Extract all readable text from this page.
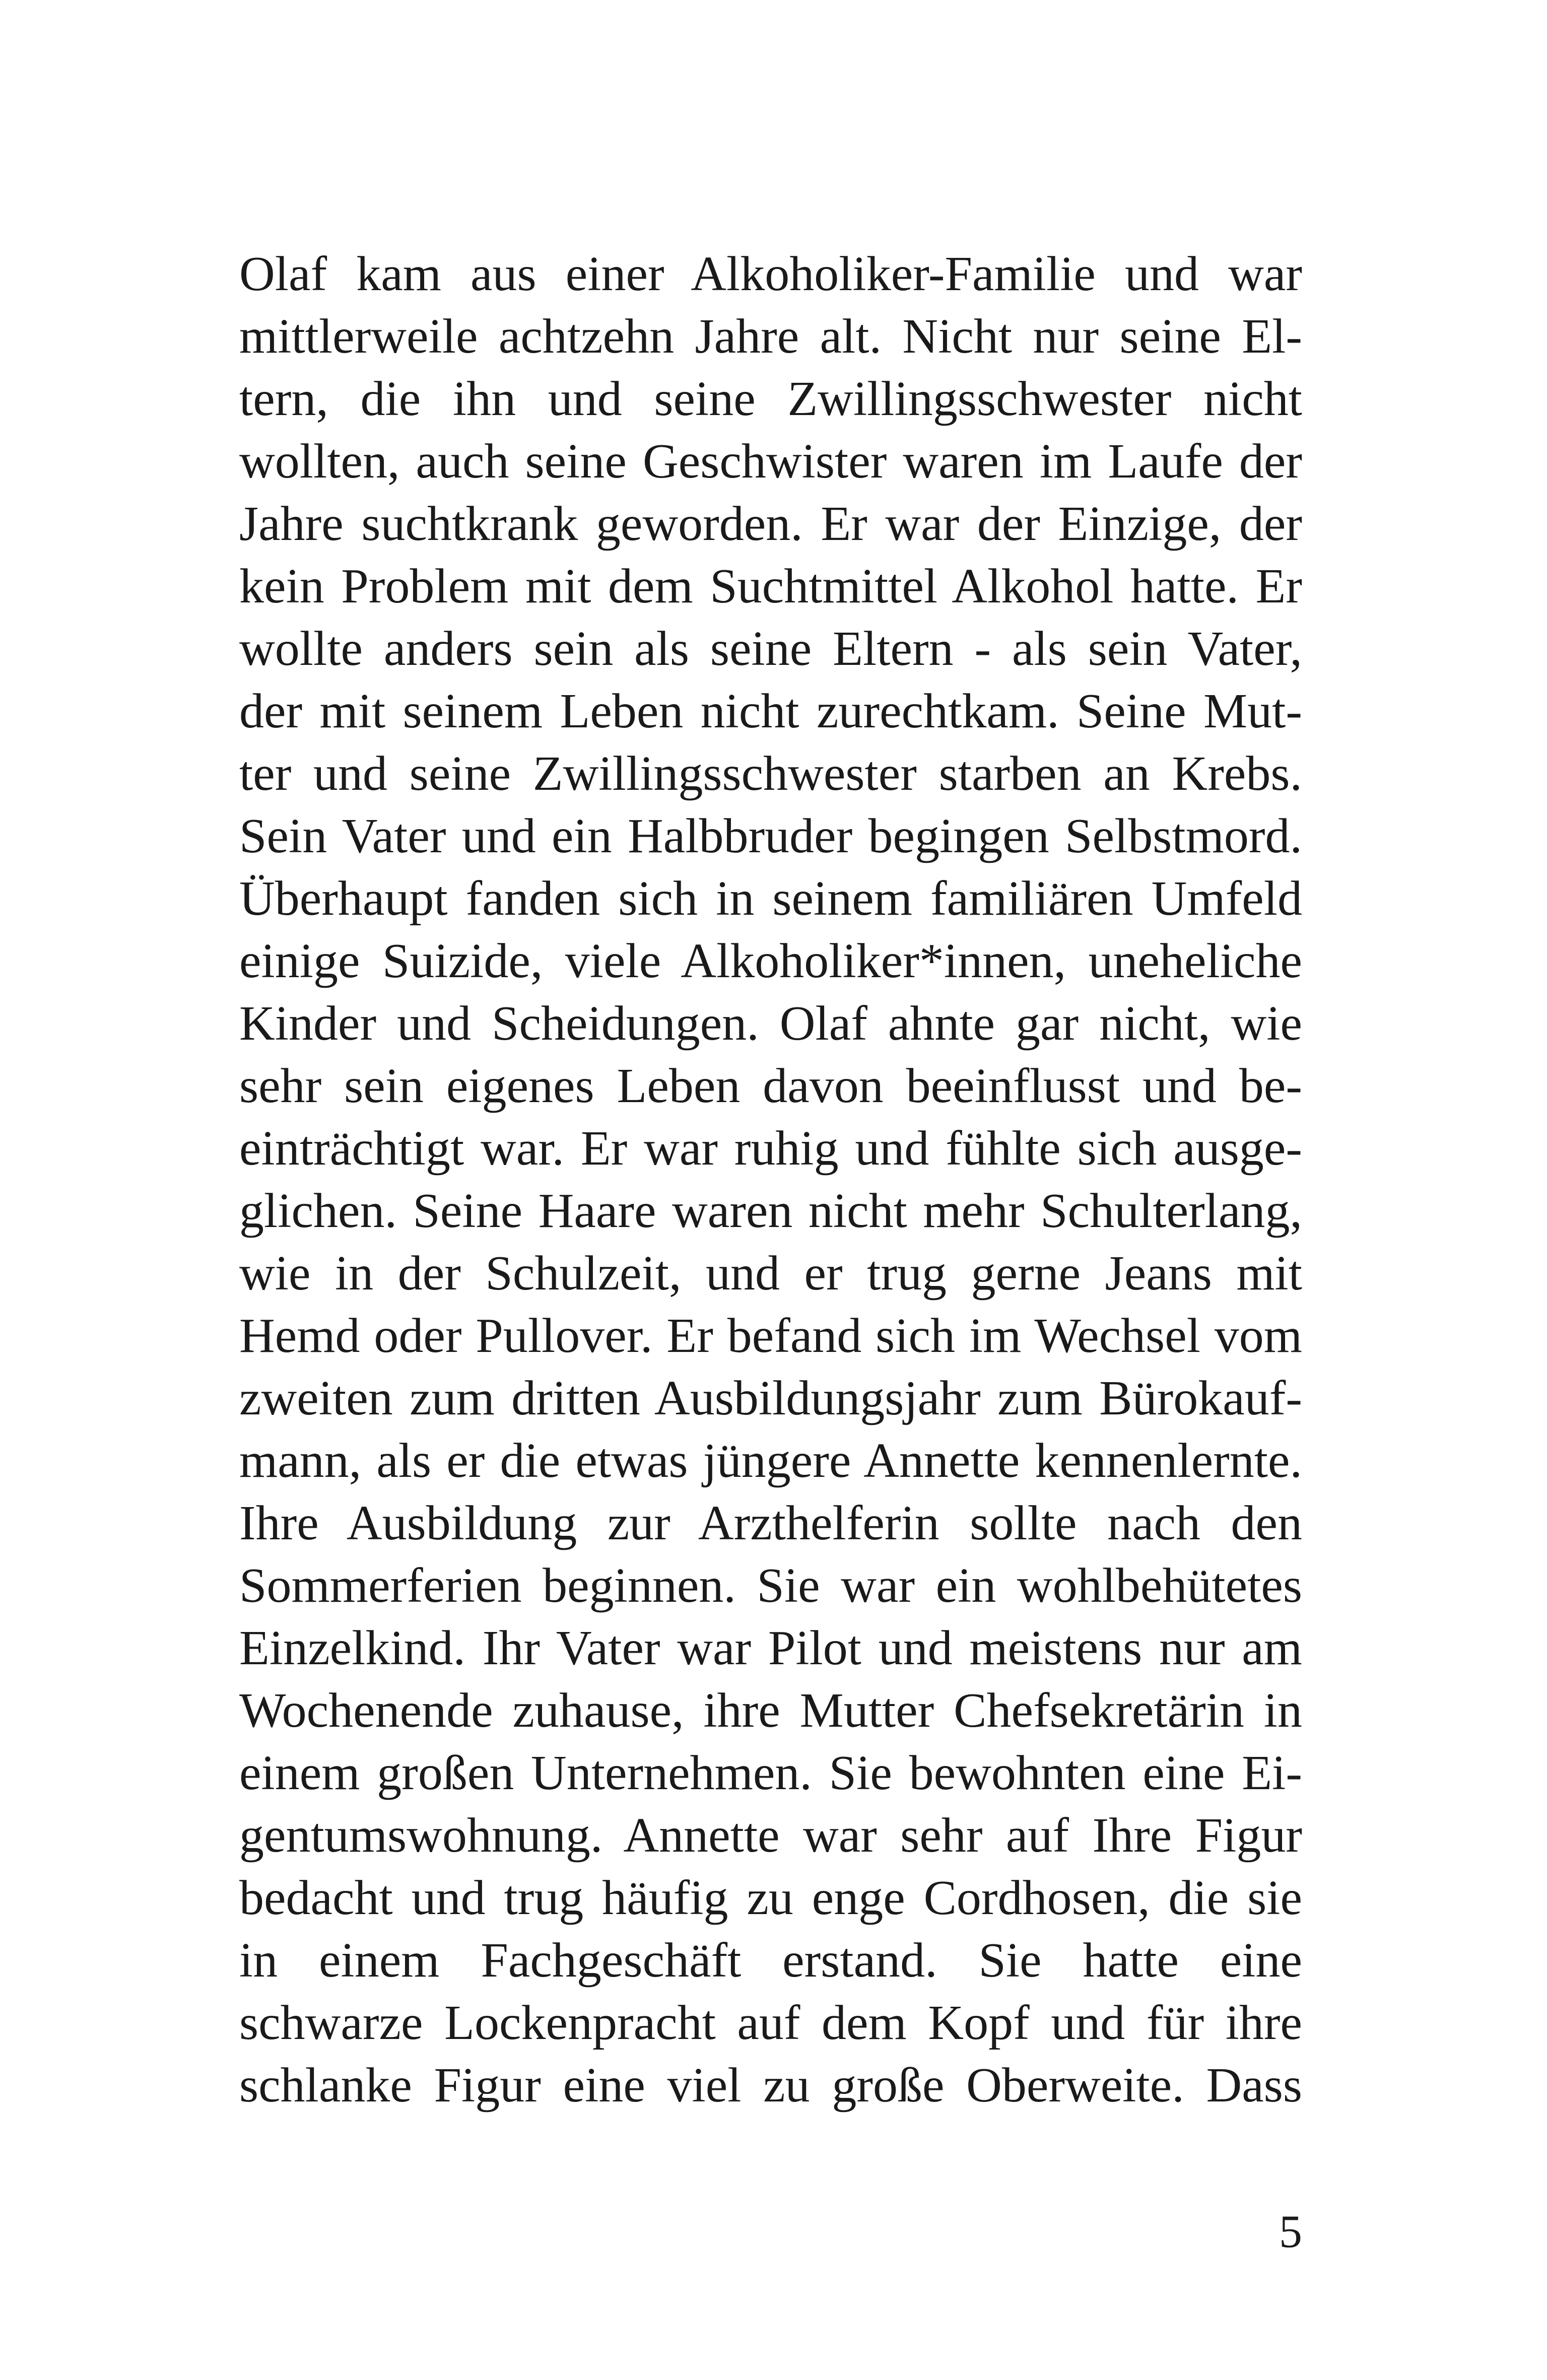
Olaf kam aus einer Alkoholiker-Familie und war
mittlerweile achtzehn Jahre alt. Nicht nur seine El-
tern, die ihn und seine Zwillingsschwester nicht
wollten, auch seine Geschwister waren im Laufe der
Jahre suchtkrank geworden. Er war der Einzige, der
kein Problem mit dem Suchtmittel Alkohol hatte. Er
wollte anders sein als seine Eltern - als sein Vater,
der mit seinem Leben nicht zurechtkam. Seine Mut-
ter und seine Zwillingsschwester starben an Krebs.
Sein Vater und ein Halbbruder begingen Selbstmord.
Überhaupt fanden sich in seinem familiären Umfeld
einige Suizide, viele Alkoholiker*innen, uneheliche
Kinder und Scheidungen. Olaf ahnte gar nicht, wie
sehr sein eigenes Leben davon beeinflusst und be-
einträchtigt war. Er war ruhig und fühlte sich ausge-
glichen. Seine Haare waren nicht mehr Schulterlang,
wie in der Schulzeit, und er trug gerne Jeans mit
Hemd oder Pullover. Er befand sich im Wechsel vom
zweiten zum dritten Ausbildungsjahr zum Bürokauf-
mann, als er die etwas jüngere Annette kennenlernte.
Ihre Ausbildung zur Arzthelferin sollte nach den
Sommerferien beginnen. Sie war ein wohlbehütetes
Einzelkind. Ihr Vater war Pilot und meistens nur am
Wochenende zuhause, ihre Mutter Chefsekretärin in
einem großen Unternehmen. Sie bewohnten eine Ei-
gentumswohnung. Annette war sehr auf Ihre Figur
bedacht und trug häufig zu enge Cordhosen, die sie
in einem Fachgeschäft erstand. Sie hatte eine
schwarze Lockenpracht auf dem Kopf und für ihre
schlanke Figur eine viel zu große Oberweite. Dass
5
